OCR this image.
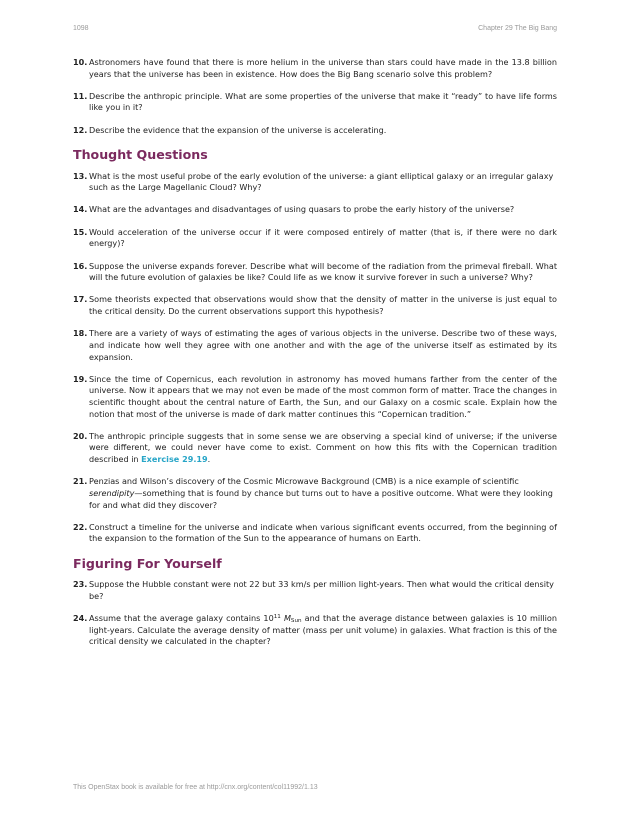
1098	Chapter 29 The Big Bang
10. Astronomers have found that there is more helium in the universe than stars could have made in the 13.8 billion years that the universe has been in existence. How does the Big Bang scenario solve this problem?
11. Describe the anthropic principle. What are some properties of the universe that make it “ready” to have life forms like you in it?
12. Describe the evidence that the expansion of the universe is accelerating.
Thought Questions
13. What is the most useful probe of the early evolution of the universe: a giant elliptical galaxy or an irregular galaxy such as the Large Magellanic Cloud? Why?
14. What are the advantages and disadvantages of using quasars to probe the early history of the universe?
15. Would acceleration of the universe occur if it were composed entirely of matter (that is, if there were no dark energy)?
16. Suppose the universe expands forever. Describe what will become of the radiation from the primeval fireball. What will the future evolution of galaxies be like? Could life as we know it survive forever in such a universe? Why?
17. Some theorists expected that observations would show that the density of matter in the universe is just equal to the critical density. Do the current observations support this hypothesis?
18. There are a variety of ways of estimating the ages of various objects in the universe. Describe two of these ways, and indicate how well they agree with one another and with the age of the universe itself as estimated by its expansion.
19. Since the time of Copernicus, each revolution in astronomy has moved humans farther from the center of the universe. Now it appears that we may not even be made of the most common form of matter. Trace the changes in scientific thought about the central nature of Earth, the Sun, and our Galaxy on a cosmic scale. Explain how the notion that most of the universe is made of dark matter continues this “Copernican tradition.”
20. The anthropic principle suggests that in some sense we are observing a special kind of universe; if the universe were different, we could never have come to exist. Comment on how this fits with the Copernican tradition described in Exercise 29.19.
21. Penzias and Wilson’s discovery of the Cosmic Microwave Background (CMB) is a nice example of scientific serendipity—something that is found by chance but turns out to have a positive outcome. What were they looking for and what did they discover?
22. Construct a timeline for the universe and indicate when various significant events occurred, from the beginning of the expansion to the formation of the Sun to the appearance of humans on Earth.
Figuring For Yourself
23. Suppose the Hubble constant were not 22 but 33 km/s per million light-years. Then what would the critical density be?
24. Assume that the average galaxy contains $10^{11}$ $M_{Sun}$ and that the average distance between galaxies is 10 million light-years. Calculate the average density of matter (mass per unit volume) in galaxies. What fraction is this of the critical density we calculated in the chapter?
This OpenStax book is available for free at http://cnx.org/content/col11992/1.13
